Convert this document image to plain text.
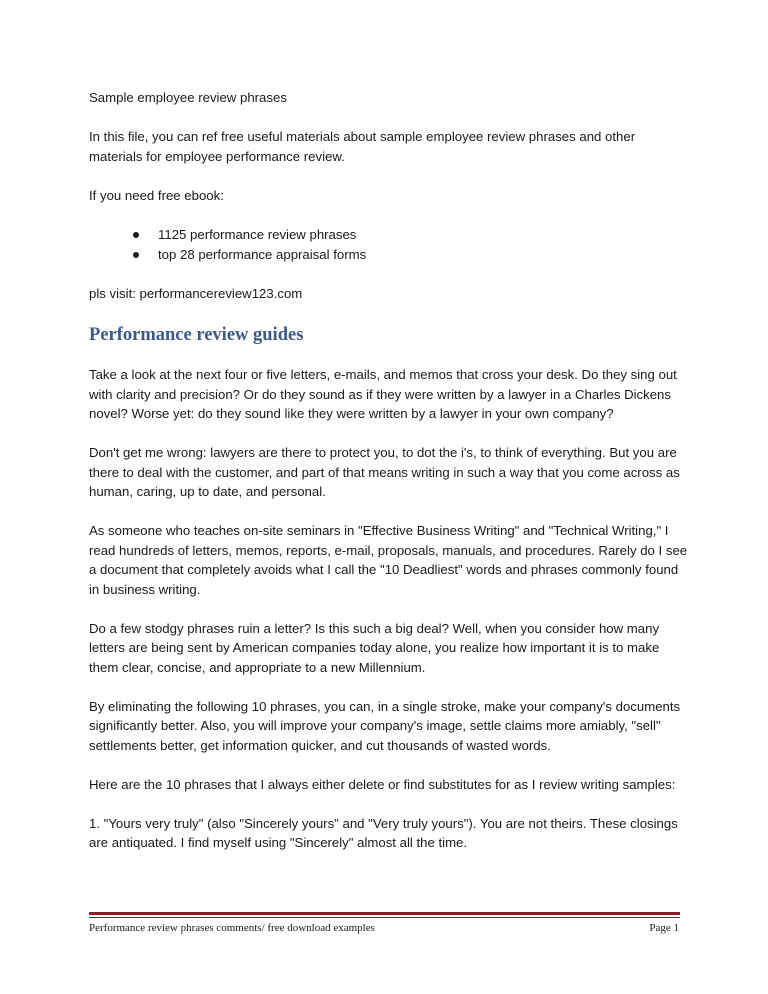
Sample employee review phrases

In this file, you can ref free useful materials about sample employee review phrases and other materials for employee performance review.

If you need free ebook:

1125 performance review phrases
top 28 performance appraisal forms

pls visit: performancereview123.com

Performance review guides

Take a look at the next four or five letters, e-mails, and memos that cross your desk. Do they sing out with clarity and precision? Or do they sound as if they were written by a lawyer in a Charles Dickens novel? Worse yet: do they sound like they were written by a lawyer in your own company?

Don't get me wrong: lawyers are there to protect you, to dot the i's, to think of everything. But you are there to deal with the customer, and part of that means writing in such a way that you come across as human, caring, up to date, and personal.

As someone who teaches on-site seminars in "Effective Business Writing" and "Technical Writing," I read hundreds of letters, memos, reports, e-mail, proposals, manuals, and procedures. Rarely do I see a document that completely avoids what I call the "10 Deadliest" words and phrases commonly found in business writing.

Do a few stodgy phrases ruin a letter? Is this such a big deal? Well, when you consider how many letters are being sent by American companies today alone, you realize how important it is to make them clear, concise, and appropriate to a new Millennium.

By eliminating the following 10 phrases, you can, in a single stroke, make your company's documents significantly better. Also, you will improve your company's image, settle claims more amiably, "sell" settlements better, get information quicker, and cut thousands of wasted words.

Here are the 10 phrases that I always either delete or find substitutes for as I review writing samples:

1. "Yours very truly" (also "Sincerely yours" and "Very truly yours"). You are not theirs. These closings are antiquated. I find myself using "Sincerely" almost all the time.

Performance review phrases comments/ free download examples	Page 1
